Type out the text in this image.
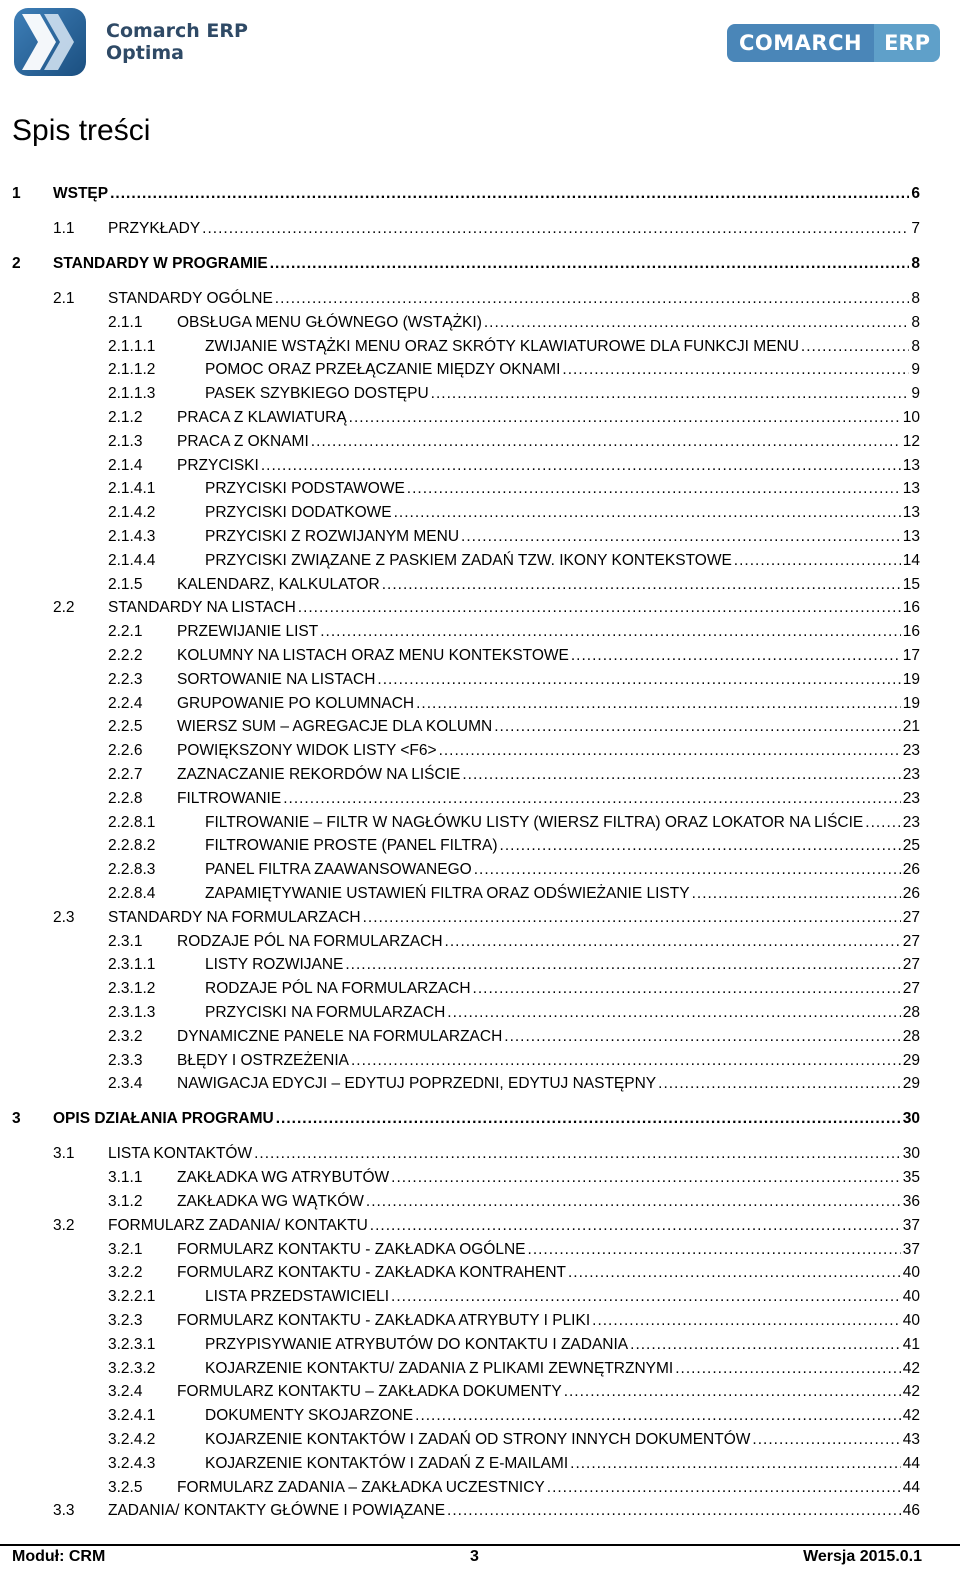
Comarch ERP
Optima	COMARCH	ERP
Spis treści
1 WSTĘP .....	6
1.1 PRZYKŁADY .....	7
2 STANDARDY W PROGRAMIE .....	8
2.1 STANDARDY OGÓLNE .....	8
2.1.1 OBSŁUGA MENU GŁÓWNEGO (WSTĄŻKI) .....	8
2.1.1.1	ZWIJANIE WSTĄŻKI MENU ORAZ SKRÓTY KLAWIATUROWE DLA FUNKCJI MENU .....	8
2.1.1.2	POMOC ORAZ PRZEŁĄCZANIE MIĘDZY OKNAMI .....	9
2.1.1.3	PASEK SZYBKIEGO DOSTĘPU .....	9
2.1.2 PRACA Z KLAWIATURĄ .....	10
2.1.3 PRACA Z OKNAMI .....	12
2.1.4 PRZYCISKI .....	13
2.1.4.1	PRZYCISKI PODSTAWOWE .....	13
2.1.4.2	PRZYCISKI DODATKOWE .....	13
2.1.4.3	PRZYCISKI Z ROZWIJANYM MENU .....	13
2.1.4.4	PRZYCISKI ZWIĄZANE Z PASKIEM ZADAŃ TZW. IKONY KONTEKSTOWE .....	14
2.1.5 KALENDARZ, KALKULATOR .....	15
2.2 STANDARDY NA LISTACH .....	16
2.2.1 PRZEWIJANIE LIST .....	16
2.2.2 KOLUMNY NA LISTACH ORAZ MENU KONTEKSTOWE .....	17
2.2.3 SORTOWANIE NA LISTACH .....	19
2.2.4 GRUPOWANIE PO KOLUMNACH .....	19
2.2.5 WIERSZ SUM – AGREGACJE DLA KOLUMN .....	21
2.2.6 POWIĘKSZONY WIDOK LISTY <F6> .....	23
2.2.7 ZAZNACZANIE REKORDÓW NA LIŚCIE .....	23
2.2.8 FILTROWANIE .....	23
2.2.8.1	FILTROWANIE – FILTR W NAGŁÓWKU LISTY (WIERSZ FILTRA) ORAZ LOKATOR NA LIŚCIE .....	23
2.2.8.2	FILTROWANIE PROSTE (PANEL FILTRA) .....	25
2.2.8.3	PANEL FILTRA ZAAWANSOWANEGO .....	26
2.2.8.4	ZAPAMIĘTYWANIE USTAWIEŃ FILTRA ORAZ ODŚWIEŻANIE LISTY .....	26
2.3 STANDARDY NA FORMULARZACH .....	27
2.3.1 RODZAJE PÓL NA FORMULARZACH .....	27
2.3.1.1	LISTY ROZWIJANE .....	27
2.3.1.2	RODZAJE PÓL NA FORMULARZACH .....	27
2.3.1.3	PRZYCISKI NA FORMULARZACH .....	28
2.3.2 DYNAMICZNE PANELE NA FORMULARZACH .....	28
2.3.3 BŁĘDY I OSTRZEŻENIA .....	29
2.3.4 NAWIGACJA EDYCJI – EDYTUJ POPRZEDNI, EDYTUJ NASTĘPNY .....	29
3 OPIS DZIAŁANIA PROGRAMU .....	30
3.1 LISTA KONTAKTÓW .....	30
3.1.1 ZAKŁADKA WG ATRYBUTÓW .....	35
3.1.2 ZAKŁADKA WG WĄTKÓW .....	36
3.2 FORMULARZ ZADANIA/ KONTAKTU .....	37
3.2.1 FORMULARZ KONTAKTU - ZAKŁADKA OGÓLNE .....	37
3.2.2 FORMULARZ KONTAKTU - ZAKŁADKA KONTRAHENT .....	40
3.2.2.1	LISTA PRZEDSTAWICIELI .....	40
3.2.3 FORMULARZ KONTAKTU - ZAKŁADKA ATRYBUTY I PLIKI .....	40
3.2.3.1	PRZYPISYWANIE ATRYBUTÓW DO KONTAKTU I ZADANIA .....	41
3.2.3.2	KOJARZENIE KONTAKTU/ ZADANIA Z PLIKAMI ZEWNĘTRZNYMI .....	42
3.2.4 FORMULARZ KONTAKTU – ZAKŁADKA DOKUMENTY .....	42
3.2.4.1	DOKUMENTY SKOJARZONE .....	42
3.2.4.2	KOJARZENIE KONTAKTÓW I ZADAŃ OD STRONY INNYCH DOKUMENTÓW .....	43
3.2.4.3	KOJARZENIE KONTAKTÓW I ZADAŃ Z E-MAILAMI .....	44
3.2.5 FORMULARZ ZADANIA – ZAKŁADKA UCZESTNICY .....	44
3.3 ZADANIA/ KONTAKTY GŁÓWNE I POWIĄZANE .....	46
Moduł: CRM	3	Wersja 2015.0.1
